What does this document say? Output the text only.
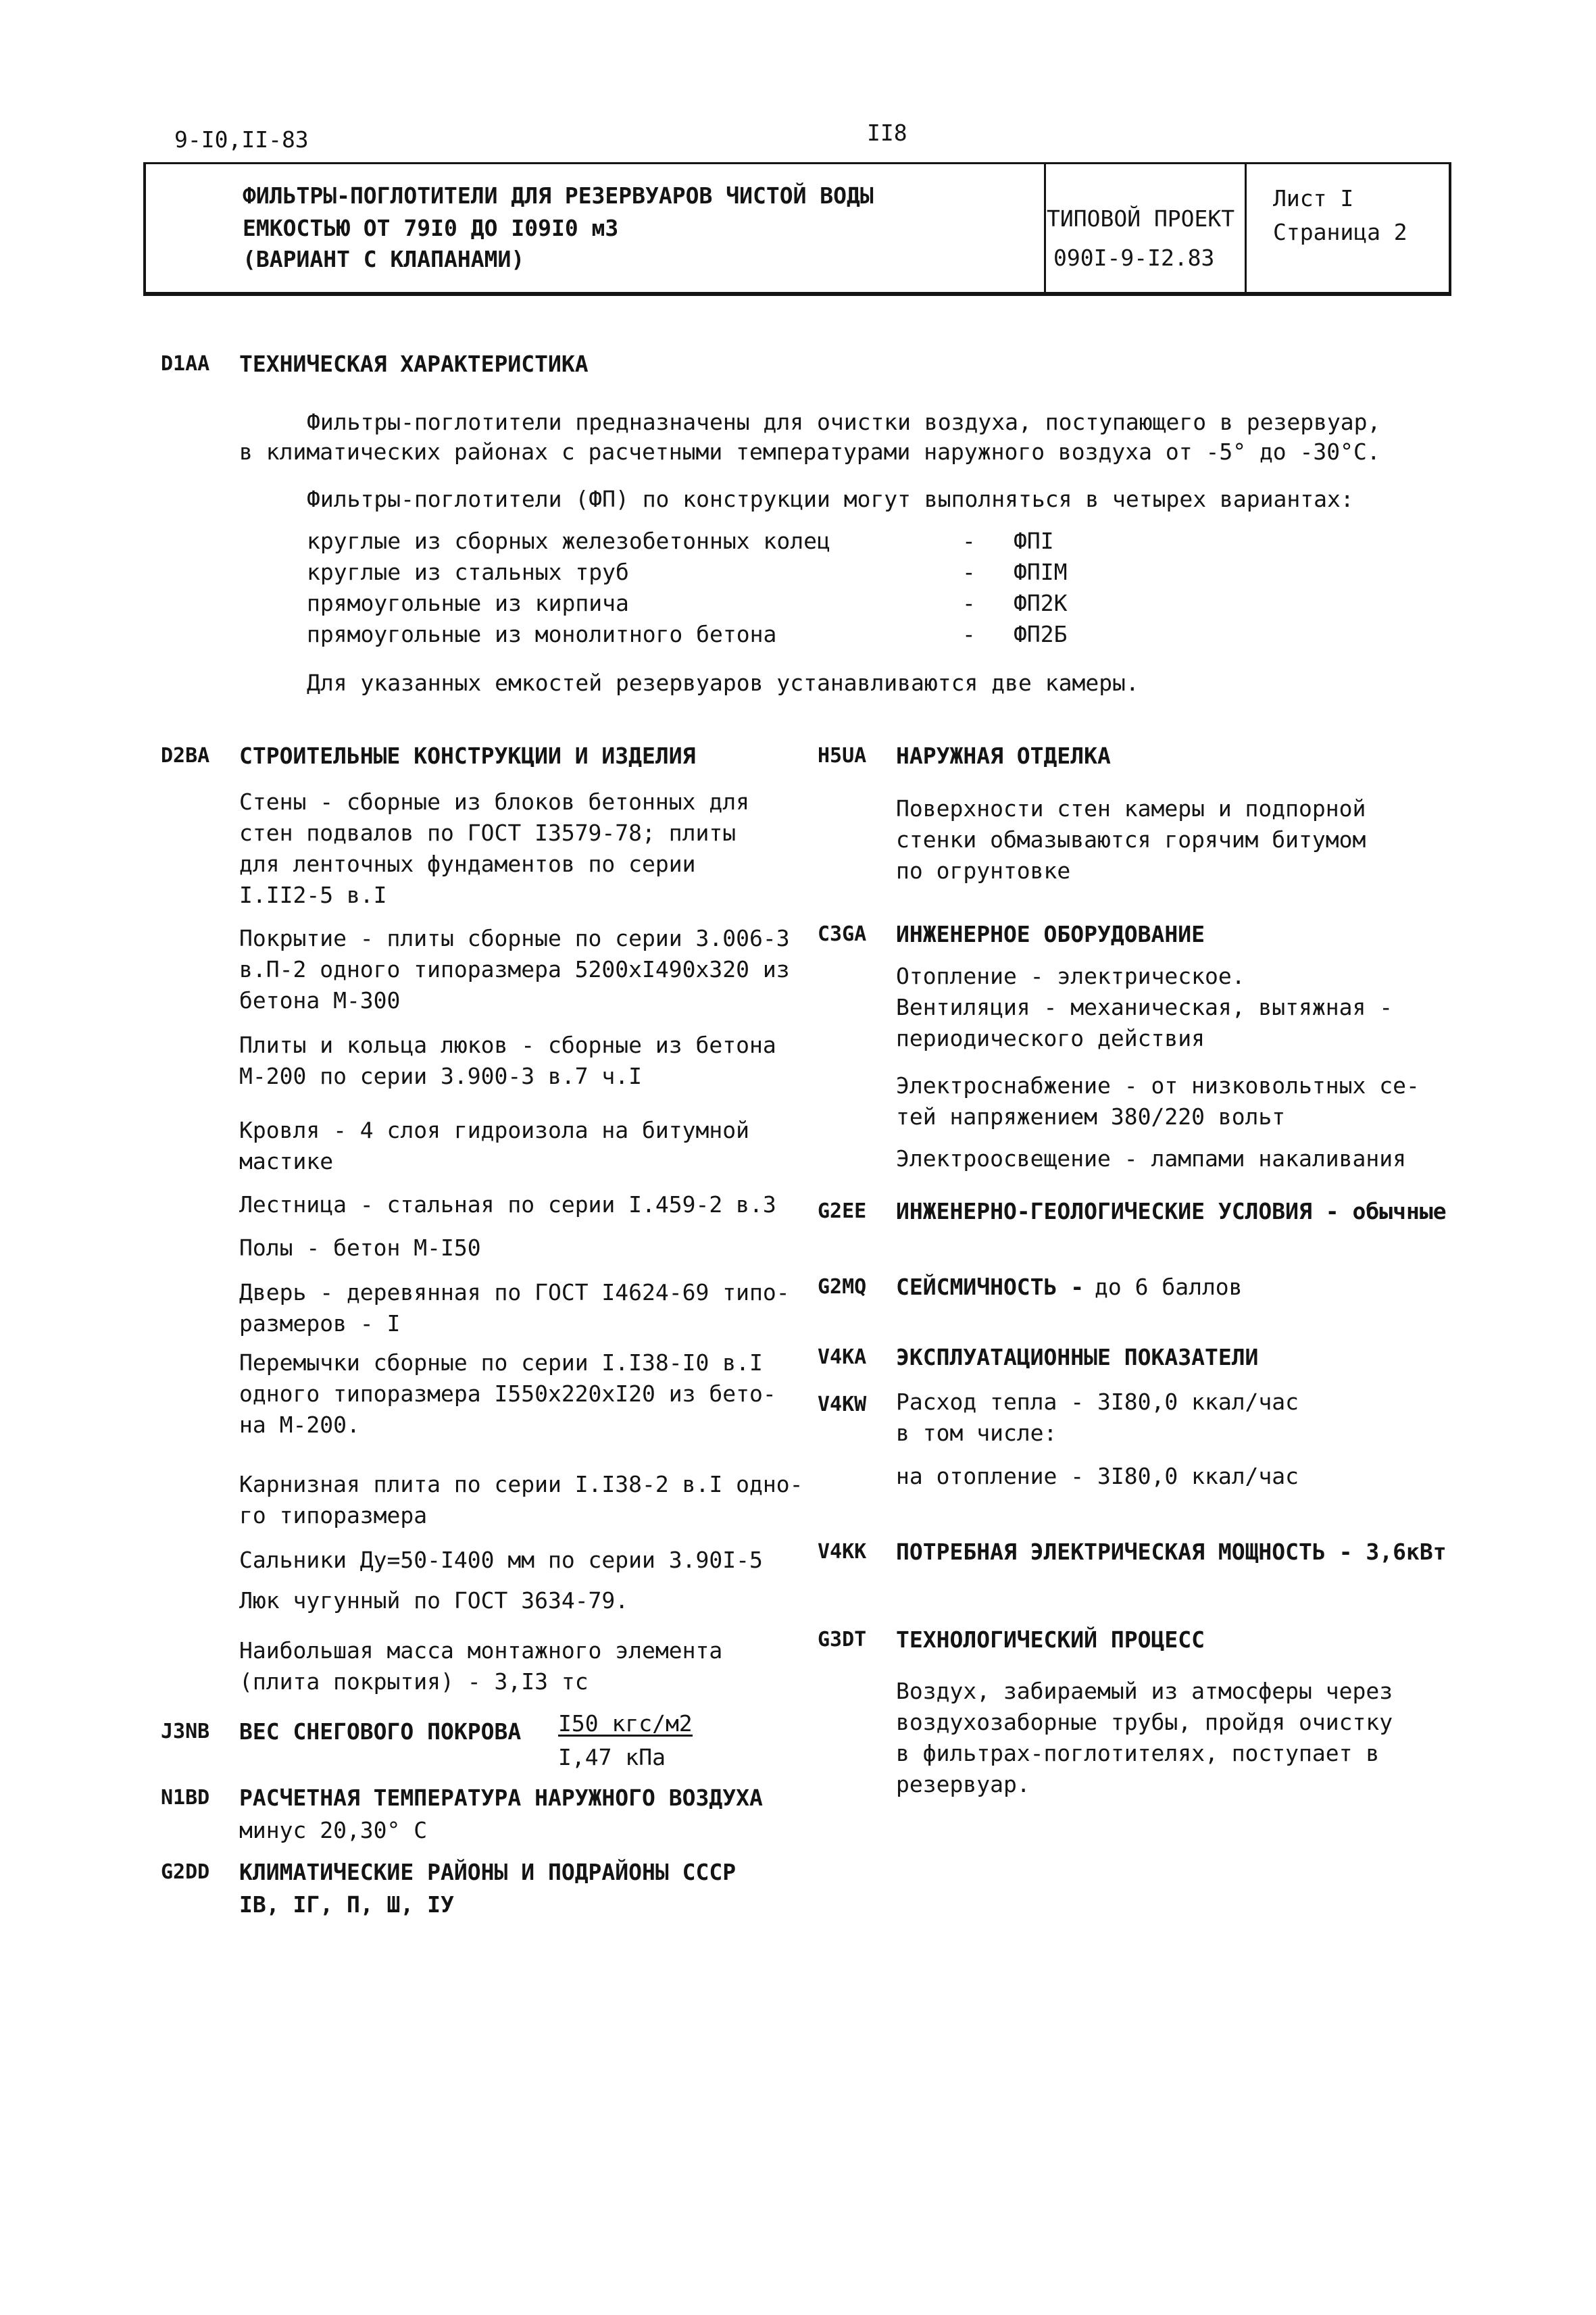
9-I0,II-83	II8
ФИЛЬТРЫ-ПОГЛОТИТЕЛИ ДЛЯ РЕЗЕРВУАРОВ ЧИСТОЙ ВОДЫ
ЕМКОСТЬЮ ОТ 79I0 ДО I09I0 м3
(ВАРИАНТ С КЛАПАНАМИ)
ТИПОВОЙ ПРОЕКТ
090I-9-I2.83
Лист I
Страница 2
D1AA ТЕХНИЧЕСКАЯ ХАРАКТЕРИСТИКА
Фильтры-поглотители предназначены для очистки воздуха, поступающего в резервуар,
в климатических районах с расчетными температурами наружного воздуха от -5° до -30°С.
Фильтры-поглотители (ФП) по конструкции могут выполняться в четырех вариантах:
круглые из сборных железобетонных колец	- ФПI
круглые из стальных труб	- ФПIМ
прямоугольные из кирпича	- ФП2К
прямоугольные из монолитного бетона	- ФП2Б
Для указанных емкостей резервуаров устанавливаются две камеры.
D2BA СТРОИТЕЛЬНЫЕ КОНСТРУКЦИИ И ИЗДЕЛИЯ
Стены - сборные из блоков бетонных для
стен подвалов по ГОСТ I3579-78; плиты
для ленточных фундаментов по серии
I.II2-5 в.I
Покрытие - плиты сборные по серии 3.006-3
в.П-2 одного типоразмера 5200хI490х320 из
бетона М-300
Плиты и кольца люков - сборные из бетона
М-200 по серии 3.900-3 в.7 ч.I
Кровля - 4 слоя гидроизола на битумной
мастике
Лестница - стальная по серии I.459-2 в.3
Полы - бетон М-I50
Дверь - деревянная по ГОСТ I4624-69 типо-
размеров - I
Перемычки сборные по серии I.I38-I0 в.I
одного типоразмера I550х220хI20 из бето-
на М-200.
Карнизная плита по серии I.I38-2 в.I одно-
го типоразмера
Сальники Ду=50-I400 мм по серии 3.90I-5
Люк чугунный по ГОСТ 3634-79.
Наибольшая масса монтажного элемента
(плита покрытия) - 3,I3 тс
J3NB ВЕС СНЕГОВОГО ПОКРОВА I50 кгс/м2
I,47 кПа
N1BD РАСЧЕТНАЯ ТЕМПЕРАТУРА НАРУЖНОГО ВОЗДУХА
минус 20,30° С
G2DD КЛИМАТИЧЕСКИЕ РАЙОНЫ И ПОДРАЙОНЫ СССР
IВ, IГ, П, Ш, IУ
H5UA НАРУЖНАЯ ОТДЕЛКА
Поверхности стен камеры и подпорной
стенки обмазываются горячим битумом
по огрунтовке
C3GA ИНЖЕНЕРНОЕ ОБОРУДОВАНИЕ
Отопление - электрическое.
Вентиляция - механическая, вытяжная -
периодического действия
Электроснабжение - от низковольтных се-
тей напряжением 380/220 вольт
Электроосвещение - лампами накаливания
G2EE ИНЖЕНЕРНО-ГЕОЛОГИЧЕСКИЕ УСЛОВИЯ - обычные
G2MQ СЕЙСМИЧНОСТЬ - до 6 баллов
V4KA ЭКСПЛУАТАЦИОННЫЕ ПОКАЗАТЕЛИ
V4KW Расход тепла - 3I80,0 ккал/час
в том числе:
на отопление - 3I80,0 ккал/час
V4KK ПОТРЕБНАЯ ЭЛЕКТРИЧЕСКАЯ МОЩНОСТЬ - 3,6кВт
G3DT ТЕХНОЛОГИЧЕСКИЙ ПРОЦЕСС
Воздух, забираемый из атмосферы через
воздухозаборные трубы, пройдя очистку
в фильтрах-поглотителях, поступает в
резервуар.
